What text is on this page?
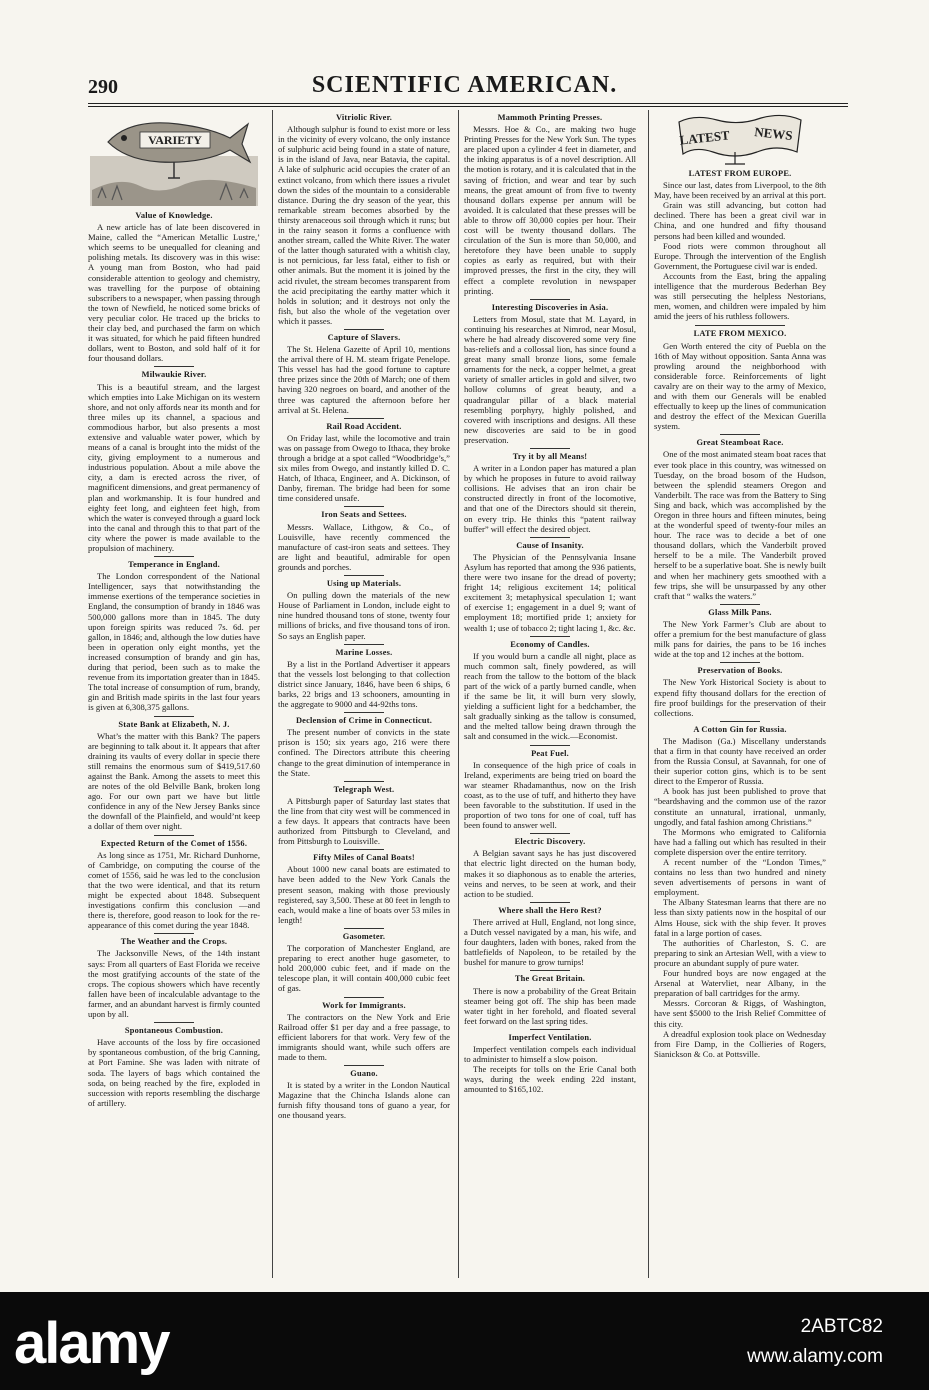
290	SCIENTIFIC AMERICAN.
VARIETY
Value of Knowledge.

A new article has of late been discovered in Maine, called the “American Metallic Lustre,’ which seems to be unequalled for cleaning and polishing metals. Its discovery was in this wise: A young man from Boston, who had paid considerable attention to geology and chemistry, was travelling for the purpose of obtaining subscribers to a newspaper, when passing through the town of Newfield, he noticed some bricks of very peculiar color. He traced up the bricks to their clay bed, and purchased the farm on which it was situated, for which he paid fifteen hundred dollars, went to Boston, and sold half of it for four thousand dollars.

Milwaukie River.

This is a beautiful stream, and the largest which empties into Lake Michigan on its western shore, and not only affords near its month and for three miles up its channel, a spacious and commodious harbor, but also presents a most extensive and valuable water power, which by means of a canal is brought into the midst of the city, giving employment to a numerous and industrious population. About a mile above the city, a dam is erected across the river, of magnificent dimensions, and great permanency of plan and workmanship. It is four hundred and eighty feet long, and eighteen feet high, from which the water is conveyed through a guard lock into the canal and through this to that part of the city where the power is made available to the propulsion of machinery.

Temperance in England.

The London correspondent of the National Intelligencer, says that notwithstanding the immense exertions of the temperance societies in England, the consumption of brandy in 1846 was 500,000 gallons more than in 1845. The duty upon foreign spirits was reduced 7s. 6d. per gallon, in 1846; and, although the low duties have been in operation only eight months, yet the increased consumption of brandy and gin has, during that period, been such as to make the revenue from its importation greater than in 1845. The total increase of consumption of rum, brandy, gin and British made spirits in the last four years is given at 6,308,375 gallons.

State Bank at Elizabeth, N. J.

What’s the matter with this Bank? The papers are beginning to talk about it. It appears that after draining its vaults of every dollar in specie there still remains the enormous sum of $419,517.60 against the Bank. Among the assets to meet this are notes of the old Belville Bank, broken long ago. For our own part we have but little confidence in any of the New Jersey Banks since the downfall of the Plainfield, and would’nt keep a dollar of them over night.

Expected Return of the Comet of 1556.

As long since as 1751, Mr. Richard Dunhorne, of Cambridge, on computing the course of the comet of 1556, said he was led to the conclusion that the two were identical, and that its return might be expected about 1848. Subsequent investigations confirm this conclusion —and there is, therefore, good reason to look for the re-appearance of this comet during the year 1848.

The Weather and the Crops.

The Jacksonville News, of the 14th instant says: From all quarters of East Florida we receive the most gratifying accounts of the state of the crops. The copious showers which have recently fallen have been of incalculable advantage to the farmer, and an abundant harvest is firmly counted upon by all.

Spontaneous Combustion.

Have accounts of the loss by fire occasioned by spontaneous combustion, of the brig Canning, at Port Famine. She was laden with nitrate of soda. The layers of bags which contained the soda, on being reached by the fire, exploded in succession with reports resembling the discharge of artillery.

Vitriolic River.

Although sulphur is found to exist more or less in the vicinity of every volcano, the only instance of sulphuric acid being found in a state of nature, is in the island of Java, near Batavia, the capital. A lake of sulphuric acid occupies the crater of an extinct volcano, from which there issues a rivulet down the sides of the mountain to a considerable distance. During the dry season of the year, this remarkable stream becomes absorbed by the thirsty arenaceous soil through which it runs; but in the rainy season it forms a confluence with another stream, called the White River. The water of the latter though saturated with a whitish clay, is not pernicious, far less fatal, either to fish or other animals. But the moment it is joined by the acid rivulet, the stream becomes transparent from the acid precipitating the earthy matter which it holds in solution; and it destroys not only the fish, but also the whole of the vegetation over which it passes.

Capture of Slavers.

The St. Helena Gazette of April 10, mentions the arrival there of H. M. steam frigate Penelope. This vessel has had the good fortune to capture three prizes since the 20th of March; one of them having 320 negroes on board, and another of the three was captured the afternoon before her arrival at St. Helena.

Rail Road Accident.

On Friday last, while the locomotive and train was on passage from Owego to Ithaca, they broke through a bridge at a spot called “Woodbridge’s,” six miles from Owego, and instantly killed D. C. Hatch, of Ithaca, Engineer, and A. Dickinson, of Danby, fireman. The bridge had been for some time considered unsafe.

Iron Seats and Settees.

Messrs. Wallace, Lithgow, & Co., of Louisville, have recently commenced the manufacture of cast-iron seats and settees. They are light and beautiful, admirable for open grounds and porches.

Using up Materials.

On pulling down the materials of the new House of Parliament in London, include eight to nine hundred thousand tons of stone, twenty four millions of bricks, and five thousand tons of iron. So says an English paper.

Marine Losses.

By a list in the Portland Advertiser it appears that the vessels lost belonging to that collection district since January, 1846, have been 6 ships, 6 barks, 22 brigs and 13 schooners, amounting in the aggregate to 9000 and 44-92ths tons.

Declension of Crime in Connecticut.

The present number of convicts in the state prison is 150; six years ago, 216 were there confined. The Directors attribute this cheering change to the great diminution of intemperance in the State.

Telegraph West.

A Pittsburgh paper of Saturday last states that the line from that city west will be commenced in a few days. It appears that contracts have been authorized from Pittsburgh to Cleveland, and from Pittsburgh to Louisville.

Fifty Miles of Canal Boats!

About 1000 new canal boats are estimated to have been added to the New York Canals the present season, making with those previously registered, say 3,500. These at 80 feet in length to each, would make a line of boats over 53 miles in length!

Gasometer.

The corporation of Manchester England, are preparing to erect another huge gasometer, to hold 200,000 cubic feet, and if made on the telescope plan, it will contain 400,000 cubic feet of gas.

Work for Immigrants.

The contractors on the New York and Erie Railroad offer $1 per day and a free passage, to efficient laborers for that work. Very few of the immigrants should want, while such offers are made to them.

Guano.

It is stated by a writer in the London Nautical Magazine that the Chincha Islands alone can furnish fifty thousand tons of guano a year, for one thousand years.

Mammoth Printing Presses.

Messrs. Hoe & Co., are making two huge Printing Presses for the New York Sun. The types are placed upon a cylinder 4 feet in diameter, and the inking apparatus is of a novel description. All the motion is rotary, and it is calculated that in the saving of friction, and wear and tear by such means, the great amount of from five to twenty thousand dollars expense per annum will be avoided. It is calculated that these presses will be able to throw off 30,000 copies per hour. Their cost will be twenty thousand dollars. The circulation of the Sun is more than 50,000, and heretofore they have been unable to supply copies as early as required, but with their improved presses, the first in the city, they will effect a complete revolution in newspaper printing.

Interesting Discoveries in Asia.

Letters from Mosul, state that M. Layard, in continuing his researches at Nimrod, near Mosul, where he had already discovered some very fine bas-reliefs and a collossal lion, has since found a great many small bronze lions, some female ornaments for the neck, a copper helmet, a great variety of smaller articles in gold and silver, two hollow columns of great beauty, and a quadrangular pillar of a black material resembling porphyry, highly polished, and covered with inscriptions and designs. All these new discoveries are said to be in good preservation.

Try it by all Means!

A writer in a London paper has matured a plan by which he proposes in future to avoid railway collisions. He advises that an iron chair be constructed directly in front of the locomotive, and that one of the Directors should sit therein, on every trip. He thinks this “patent railway buffer” will effect the desired object.

Cause of Insanity.

The Physician of the Pennsylvania Insane Asylum has reported that among the 936 patients, there were two insane for the dread of poverty; fright 14; religious excitement 14; political excitement 3; metaphysical speculation 1; want of exercise 1; engagement in a duel 9; want of employment 18; mortified pride 1; anxiety for wealth 1; use of tobacco 2; tight lacing 1, &c. &c.

Economy of Candles.

If you would burn a candle all night, place as much common salt, finely powdered, as will reach from the tallow to the bottom of the black part of the wick of a partly burned candle, when if the same be lit, it will burn very slowly, yielding a sufficient light for a bedchamber, the salt gradually sinking as the tallow is consumed, and the melted tallow being drawn through the salt and consumed in the wick.—Economist.

Peat Fuel.

In consequence of the high price of coals in Ireland, experiments are being tried on board the war steamer Rhadamanthus, now on the Irish coast, as to the use of tuff, and hitherto they have been favorable to the substitution. If used in the proportion of two tons for one of coal, tuff has been found to answer well.

Electric Discovery.

A Belgian savant says he has just discovered that electric light directed on the human body, makes it so diaphonous as to enable the arteries, veins and nerves, to be seen at work, and their action to be studied.

Where shall the Hero Rest?

There arrived at Hull, England, not long since, a Dutch vessel navigated by a man, his wife, and four daughters, laden with bones, raked from the battlefields of Napoleon, to be retailed by the bushel for manure to grow turnips!

The Great Britain.

There is now a probability of the Great Britain steamer being got off. The ship has been made water tight in her forehold, and floated several feet forward on the last spring tides.

Imperfect Ventilation.

Imperfect ventilation compels each individual to administer to himself a slow poison.

The receipts for tolls on the Erie Canal both ways, during the week ending 22d instant, amounted to $165,102.

LATEST NEWS
LATEST FROM EUROPE.

Since our last, dates from Liverpool, to the 8th May, have been received by an arrival at this port.

Grain was still advancing, but cotton had declined. There has been a great civil war in China, and one hundred and fifty thousand persons had been killed and wounded.

Food riots were common throughout all Europe. Through the intervention of the English Government, the Portuguese civil war is ended.

Accounts from the East, bring the appaling intelligence that the murderous Bederhan Bey was still persecuting the helpless Nestorians, men, women, and children were impaled by him amid the jeers of his ruthless followers.

LATE FROM MEXICO.

Gen Worth entered the city of Puebla on the 16th of May without opposition. Santa Anna was prowling around the neighborhood with considerable force. Reinforcements of light cavalry are on their way to the army of Mexico, and with them our Generals will be enabled effectually to keep up the lines of communication and destroy the effect of the Mexican Guerilla system.

Great Steamboat Race.

One of the most animated steam boat races that ever took place in this country, was witnessed on Tuesday, on the broad bosom of the Hudson, between the splendid steamers Oregon and Vanderbilt. The race was from the Battery to Sing Sing and back, which was accomplished by the Oregon in three hours and fifteen minutes, being at the wonderful speed of twenty-four miles an hour. The race was to decide a bet of one thousand dollars, which the Vanderbilt proved herself to be a mile. The Vanderbilt proved herself to be a superlative boat. She is newly built and when her machinery gets smoothed with a few trips, she will be unsurpassed by any other craft that “ walks the waters.”

Glass Milk Pans.

The New York Farmer’s Club are about to offer a premium for the best manufacture of glass milk pans for dairies, the pans to be 16 inches wide at the top and 12 inches at the bottom.

Preservation of Books.

The New York Historical Society is about to expend fifty thousand dollars for the erection of fire proof buildings for the preservation of their collections.

A Cotton Gin for Russia.

The Madison (Ga.) Miscellany understands that a firm in that county have received an order from the Russia Consul, at Savannah, for one of their superior cotton gins, which is to be sent direct to the Emperor of Russia.

A book has just been published to prove that “beardshaving and the common use of the razor constitute an unnatural, irrational, unmanly, ungodly, and fatal fashion among Christians.”

The Mormons who emigrated to California have had a falling out which has resulted in their complete dispersion over the entire territory.

A recent number of the “London Times,” contains no less than two hundred and ninety seven advertisements of persons in want of employment.

The Albany Statesman learns that there are no less than sixty patients now in the hospital of our Alms House, sick with the ship fever. It proves fatal in a large portion of cases.

The authorities of Charleston, S. C. are preparing to sink an Artesian Well, with a view to procure an abundant supply of pure water.

Four hundred boys are now engaged at the Arsenal at Watervliet, near Albany, in the preparation of ball cartridges for the army.

Messrs. Corcoran & Riggs, of Washington, have sent $5000 to the Irish Relief Committee of this city.

A dreadful explosion took place on Wednesday from Fire Damp, in the Collieries of Rogers, Sianickson & Co. at Pottsville.

alamy	2ABTC82
www.alamy.com
